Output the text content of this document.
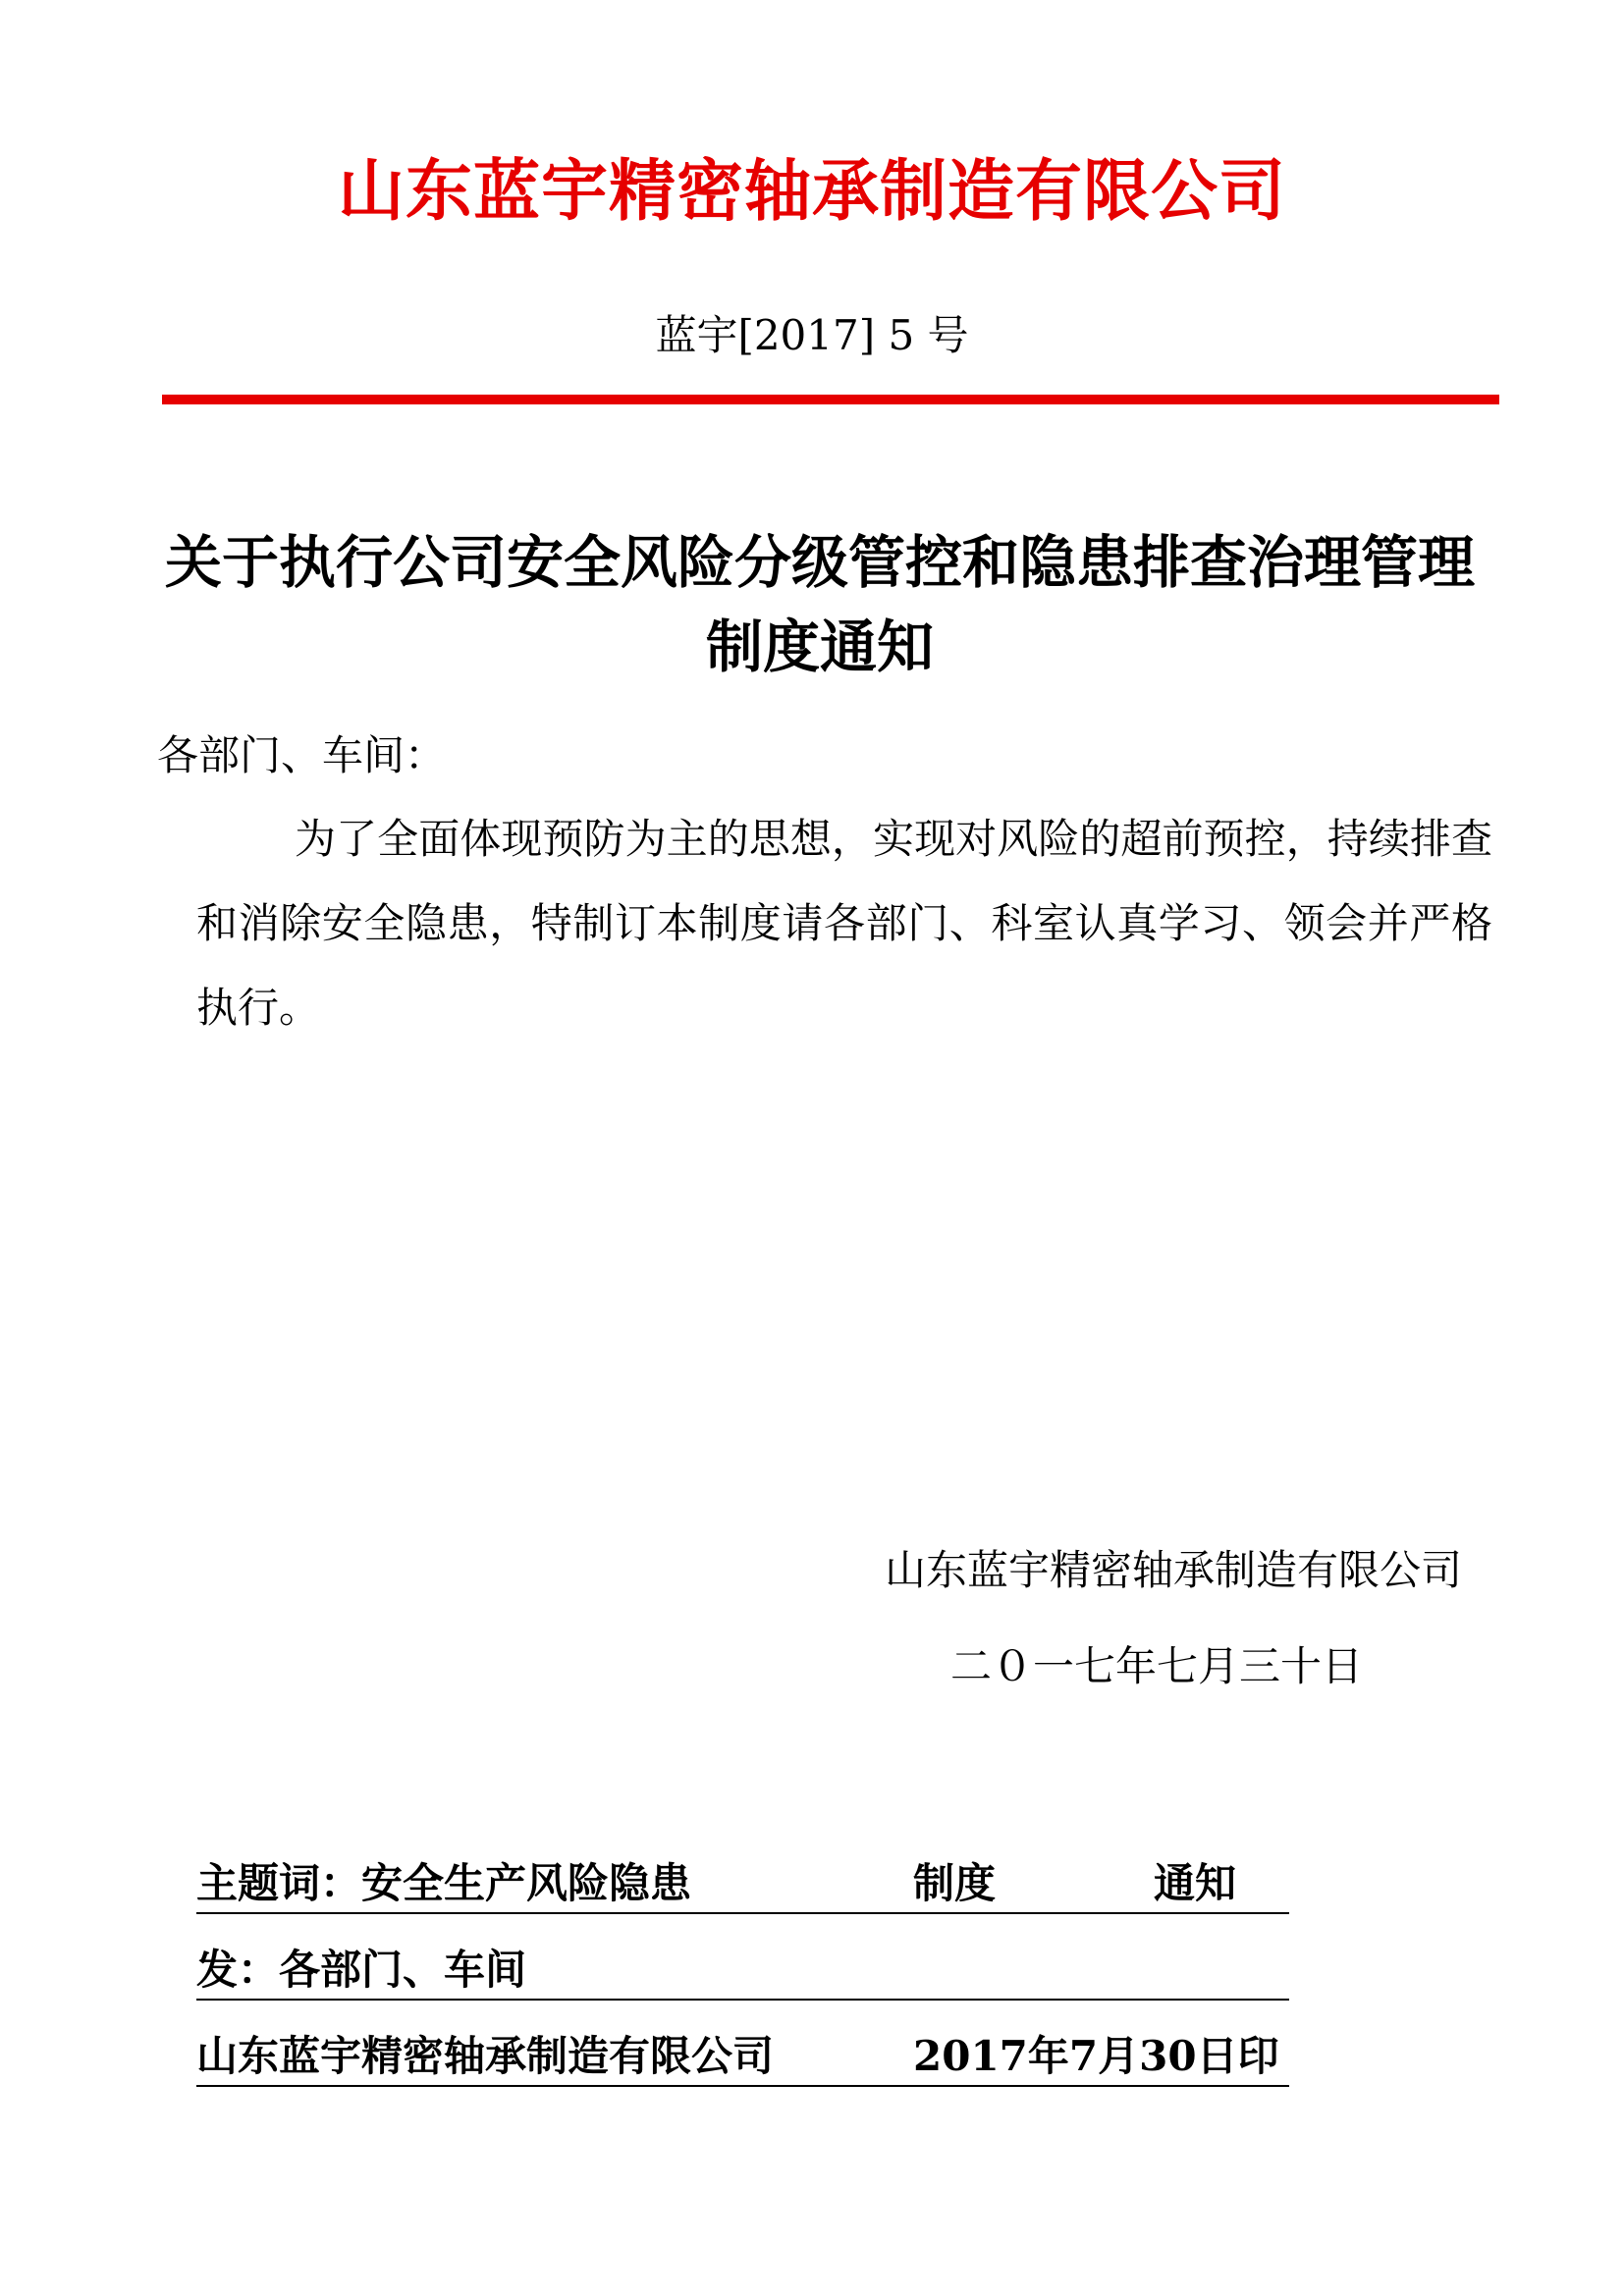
山东蓝宇精密轴承制造有限公司
蓝宇[2017] 5 号
关于执行公司安全风险分级管控和隐患排查治理管理制度通知
各部门、车间：
为了全面体现预防为主的思想，实现对风险的超前预控，持续排查和消除安全隐患，特制订本制度请各部门、科室认真学习、领会并严格执行。
山东蓝宇精密轴承制造有限公司
二０一七年七月三十日
主题词：安全生产风险隐患	制度	通知
发：各部门、车间
山东蓝宇精密轴承制造有限公司	2017年7月30日印
